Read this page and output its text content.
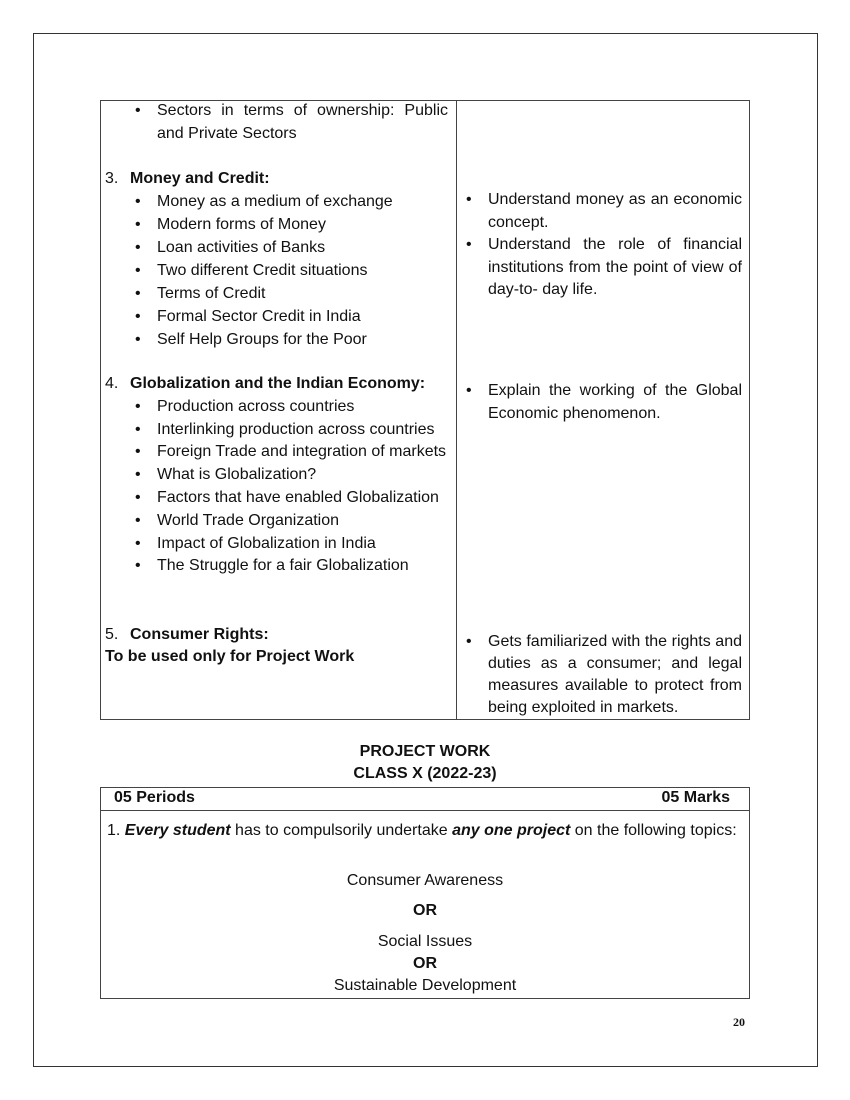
• Sectors in terms of ownership: Public and Private Sectors
3. Money and Credit:
• Money as a medium of exchange
• Modern forms of Money
• Loan activities of Banks
• Two different Credit situations
• Terms of Credit
• Formal Sector Credit in India
• Self Help Groups for the Poor
• Understand money as an economic concept.
• Understand the role of financial institutions from the point of view of day-to- day life.
4. Globalization and the Indian Economy:
• Production across countries
• Interlinking production across countries
• Foreign Trade and integration of markets
• What is Globalization?
• Factors that have enabled Globalization
• World Trade Organization
• Impact of Globalization in India
• The Struggle for a fair Globalization
• Explain the working of the Global Economic phenomenon.
5. Consumer Rights:
To be used only for Project Work
• Gets familiarized with the rights and duties as a consumer; and legal measures available to protect from being exploited in markets.
PROJECT WORK
CLASS X (2022-23)
05 Periods	05 Marks
1. Every student has to compulsorily undertake any one project on the following topics:
Consumer Awareness
OR
Social Issues
OR
Sustainable Development
20
